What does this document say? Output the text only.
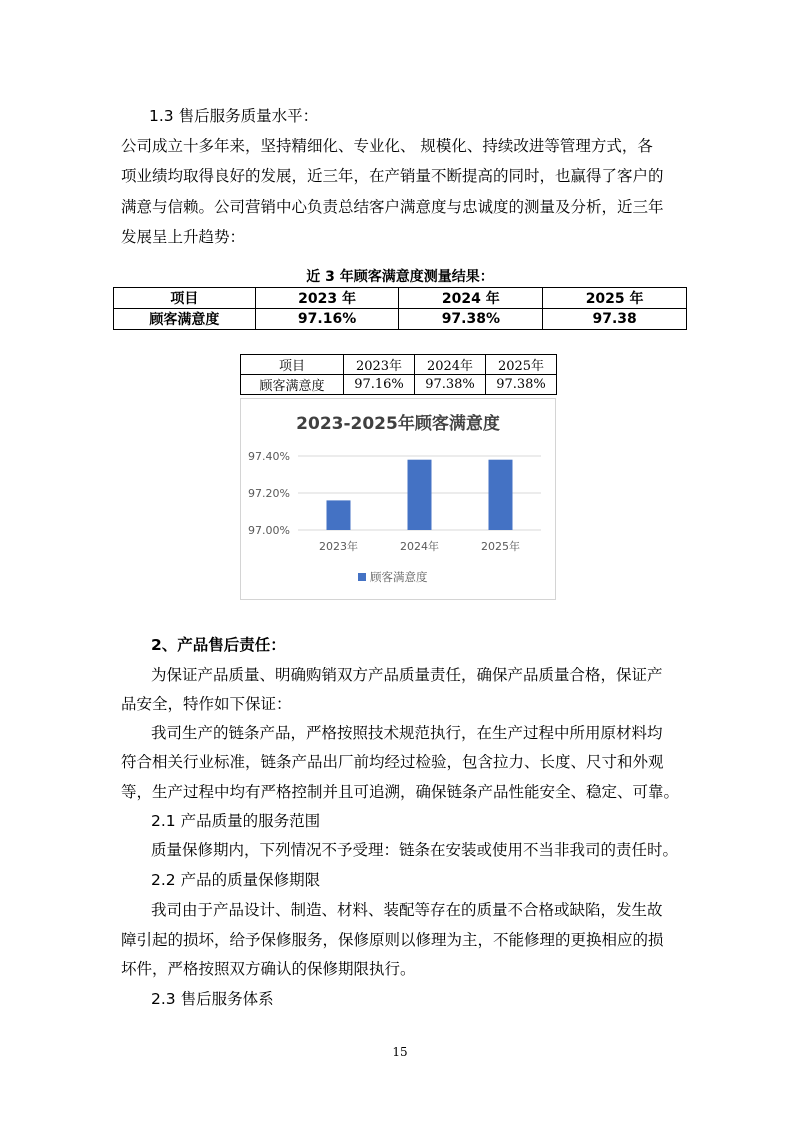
1.3 售后服务质量水平：
公司成立十多年来，坚持精细化、专业化、 规模化、持续改进等管理方式，各
项业绩均取得良好的发展，近三年，在产销量不断提高的同时，也赢得了客户的
满意与信赖。公司营销中心负责总结客户满意度与忠诚度的测量及分析，近三年
发展呈上升趋势：
近 3 年顾客满意度测量结果：
项目	2023 年	2024 年	2025 年
顾客满意度	97.16%	97.38%	97.38
项目	2023年	2024年	2025年
顾客满意度	97.16%	97.38%	97.38%
2023-2025年顾客满意度
97.00%
97.20%
97.40%
2023年	2024年	2025年
顾客满意度
2、产品售后责任：
为保证产品质量、明确购销双方产品质量责任，确保产品质量合格，保证产
品安全，特作如下保证：
我司生产的链条产品，严格按照技术规范执行，在生产过程中所用原材料均
符合相关行业标准，链条产品出厂前均经过检验，包含拉力、长度、尺寸和外观
等，生产过程中均有严格控制并且可追溯，确保链条产品性能安全、稳定、可靠。
2.1 产品质量的服务范围
质量保修期内，下列情况不予受理：链条在安装或使用不当非我司的责任时。
2.2 产品的质量保修期限
我司由于产品设计、制造、材料、装配等存在的质量不合格或缺陷，发生故
障引起的损坏，给予保修服务，保修原则以修理为主，不能修理的更换相应的损
坏件，严格按照双方确认的保修期限执行。
2.3 售后服务体系
15
